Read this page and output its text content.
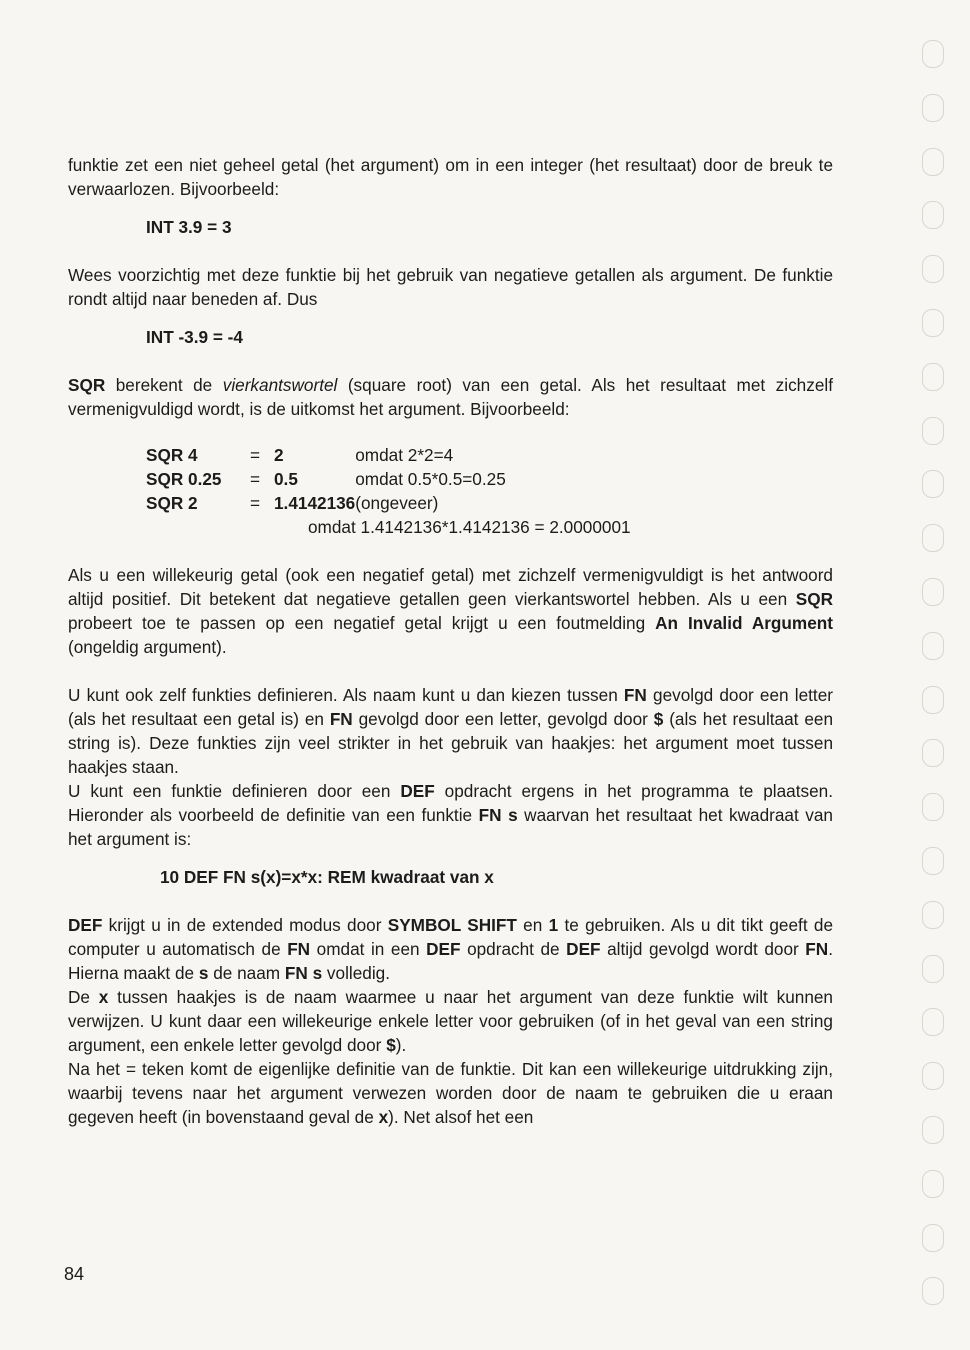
funktie zet een niet geheel getal (het argument) om in een integer (het resultaat) door de breuk te verwaarlozen. Bijvoorbeeld:

INT 3.9 = 3

Wees voorzichtig met deze funktie bij het gebruik van negatieve getallen als argument. De funktie rondt altijd naar beneden af. Dus

INT -3.9 = -4

SQR berekent de vierkantswortel (square root) van een getal. Als het resultaat met zichzelf vermenigvuldigd wordt, is de uitkomst het argument. Bijvoorbeeld:

SQR 4	=	2	omdat 2*2=4
SQR 0.25	=	0.5	omdat 0.5*0.5=0.25
SQR 2	=	1.4142136	(ongeveer)
omdat 1.4142136*1.4142136 = 2.0000001

Als u een willekeurig getal (ook een negatief getal) met zichzelf vermenigvuldigt is het antwoord altijd positief. Dit betekent dat negatieve getallen geen vierkantswortel hebben. Als u een SQR probeert toe te passen op een negatief getal krijgt u een foutmelding An Invalid Argument (ongeldig argument).

U kunt ook zelf funkties definieren. Als naam kunt u dan kiezen tussen FN gevolgd door een letter (als het resultaat een getal is) en FN gevolgd door een letter, gevolgd door $ (als het resultaat een string is). Deze funkties zijn veel strikter in het gebruik van haakjes: het argument moet tussen haakjes staan.

U kunt een funktie definieren door een DEF opdracht ergens in het programma te plaatsen. Hieronder als voorbeeld de definitie van een funktie FN s waarvan het resultaat het kwadraat van het argument is:

10 DEF FN s(x)=x*x: REM kwadraat van x

DEF krijgt u in de extended modus door SYMBOL SHIFT en 1 te gebruiken. Als u dit tikt geeft de computer u automatisch de FN omdat in een DEF opdracht de DEF altijd gevolgd wordt door FN. Hierna maakt de s de naam FN s volledig.

De x tussen haakjes is de naam waarmee u naar het argument van deze funktie wilt kunnen verwijzen. U kunt daar een willekeurige enkele letter voor gebruiken (of in het geval van een string argument, een enkele letter gevolgd door $).

Na het = teken komt de eigenlijke definitie van de funktie. Dit kan een willekeurige uitdrukking zijn, waarbij tevens naar het argument verwezen worden door de naam te gebruiken die u eraan gegeven heeft (in bovenstaand geval de x). Net alsof het een

84
